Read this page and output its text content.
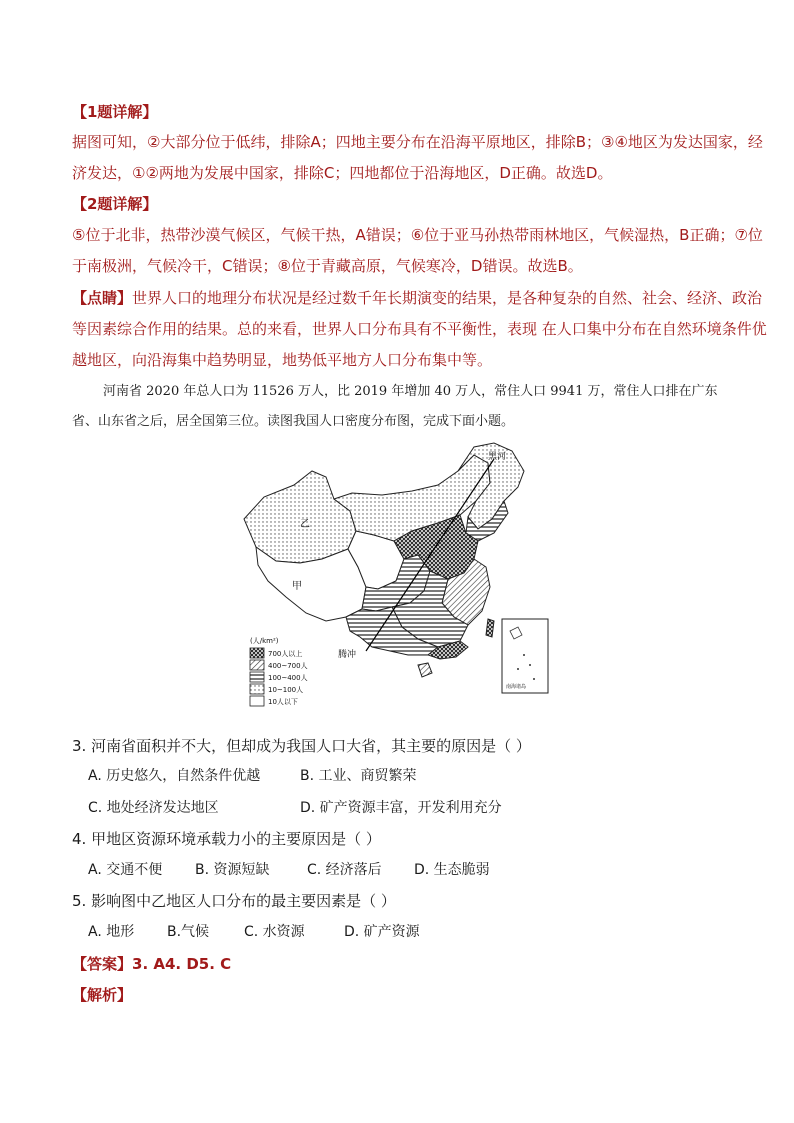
【1题详解】
据图可知，②大部分位于低纬，排除A；四地主要分布在沿海平原地区，排除B；③④地区为发达国家，经
济发达，①②两地为发展中国家，排除C；四地都位于沿海地区，D正确。故选D。
【2题详解】
⑤位于北非，热带沙漠气候区，气候干热，A错误；⑥位于亚马孙热带雨林地区，气候湿热，B正确；⑦位
于南极洲，气候冷干，C错误；⑧位于青藏高原，气候寒冷，D错误。故选B。
【点睛】世界人口的地理分布状况是经过数千年长期演变的结果，是各种复杂的自然、社会、经济、政治
等因素综合作用的结果。总的来看，世界人口分布具有不平衡性，表现 在人口集中分布在自然环境条件优
越地区，向沿海集中趋势明显，地势低平地方人口分布集中等。
河南省 2020 年总人口为 11526 万人，比 2019 年增加 40 万人，常住人口 9941 万，常住人口排在广东
省、山东省之后，居全国第三位。读图我国人口密度分布图，完成下面小题。
黑河
乙
甲
腾冲
南海诸岛
(人/km²)
700人以上
400~700人
100~400人
10~100人
10人以下
3. 河南省面积并不大，但却成为我国人口大省，其主要的原因是（ ）
A. 历史悠久，自然条件优越	B. 工业、商贸繁荣
C. 地处经济发达地区	D. 矿产资源丰富，开发利用充分
4. 甲地区资源环境承载力小的主要原因是（ ）
A. 交通不便 B. 资源短缺	C. 经济落后 D. 生态脆弱
5. 影响图中乙地区人口分布的最主要因素是（ ）
A. 地形 B.气候 C. 水资源	D. 矿产资源
【答案】3. A4. D5. C
【解析】
